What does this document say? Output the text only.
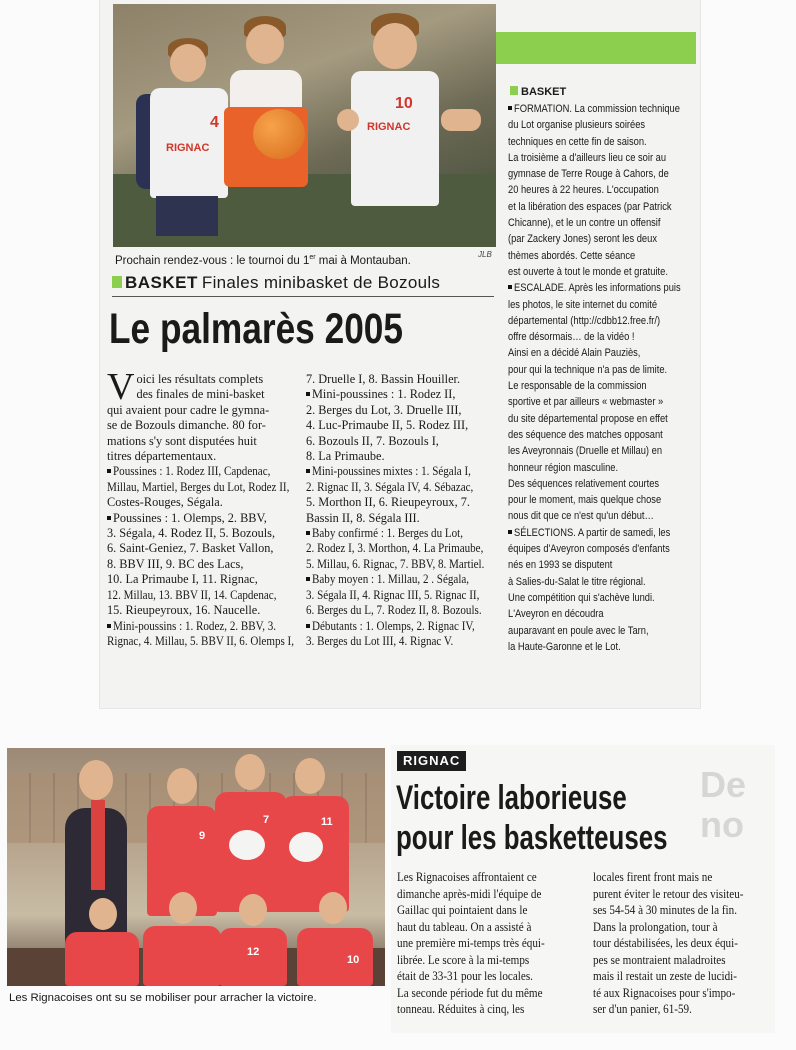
RIGNAC
4	RIGNAC
10
Prochain rendez-vous : le tournoi du 1er mai à Montauban.
JLB
BASKET Finales minibasket de Bozouls
Le palmarès 2005
V oici les résultats complets

des finales de mini-basket

qui avaient pour cadre le gymna-

se de Bozouls dimanche. 80 for-

mations s'y sont disputées huit

titres départementaux.

Poussines : 1. Rodez III, Capdenac,

Millau, Martiel, Berges du Lot, Rodez II,

Costes-Rouges, Ségala.

Poussines : 1. Olemps, 2. BBV,

3. Ségala, 4. Rodez II, 5. Bozouls,

6. Saint-Geniez, 7. Basket Vallon,

8. BBV III, 9. BC des Lacs,

10. La Primaube I, 11. Rignac,

12. Millau, 13. BBV II, 14. Capdenac,

15. Rieupeyroux, 16. Naucelle.

Mini-poussins : 1. Rodez, 2. BBV, 3.

Rignac, 4. Millau, 5. BBV II, 6. Olemps I,

7. Druelle I, 8. Bassin Houiller.

Mini-poussines : 1. Rodez II,

2. Berges du Lot, 3. Druelle III,

4. Luc-Primaube II, 5. Rodez III,

6. Bozouls II, 7. Bozouls I,

8. La Primaube.

Mini-poussines mixtes : 1. Ségala I,

2. Rignac II, 3. Ségala IV, 4. Sébazac,

5. Morthon II, 6. Rieupeyroux, 7.

Bassin II, 8. Ségala III.

Baby confirmé : 1. Berges du Lot,

2. Rodez I, 3. Morthon, 4. La Primaube,

5. Millau, 6. Rignac, 7. BBV, 8. Martiel.

Baby moyen : 1. Millau, 2 . Ségala,

3. Ségala II, 4. Rignac III, 5. Rignac II,

6. Berges du L, 7. Rodez II, 8. Bozouls.

Débutants : 1. Olemps, 2. Rignac IV,

3. Berges du Lot III, 4. Rignac V.

BASKET

FORMATION. La commission technique

du Lot organise plusieurs soirées

techniques en cette fin de saison.

La troisième a d'ailleurs lieu ce soir au

gymnase de Terre Rouge à Cahors, de

20 heures à 22 heures. L'occupation

et la libération des espaces (par Patrick

Chicanne), et le un contre un offensif

(par Zackery Jones) seront les deux

thèmes abordés. Cette séance

est ouverte à tout le monde et gratuite.

ESCALADE. Après les informations puis

les photos, le site internet du comité

départemental (http://cdbb12.free.fr/)

offre désormais… de la vidéo !

Ainsi en a décidé Alain Pauziès,

pour qui la technique n'a pas de limite.

Le responsable de la commission

sportive et par ailleurs « webmaster »

du site départemental propose en effet

des séquence des matches opposant

les Aveyronnais (Druelle et Millau) en

honneur région masculine.

Des séquences relativement courtes

pour le moment, mais quelque chose

nous dit que ce n'est qu'un début…

SÉLECTIONS. A partir de samedi, les

équipes d'Aveyron composés d'enfants

nés en 1993 se disputent

à Salies-du-Salat le titre régional.

Une compétition qui s'achève lundi.

L'Aveyron en découdra

auparavant en poule avec le Tarn,

la Haute-Garonne et le Lot.

9
7	11
12
10
Les Rignacoises ont su se mobiliser pour arracher la victoire.
De no
RIGNAC
Victoire laborieuse
pour les basketteuses

Les Rignacoises affrontaient ce

dimanche après-midi l'équipe de

Gaillac qui pointaient dans le

haut du tableau. On a assisté à

une première mi-temps très équi-

librée. Le score à la mi-temps

était de 33-31 pour les locales.

La seconde période fut du même

tonneau. Réduites à cinq, les

locales firent front mais ne

purent éviter le retour des visiteu-

ses 54-54 à 30 minutes de la fin.

Dans la prolongation, tour à

tour déstabilisées, les deux équi-

pes se montraient maladroites

mais il restait un zeste de lucidi-

té aux Rignacoises pour s'impo-

ser d'un panier, 61-59.
